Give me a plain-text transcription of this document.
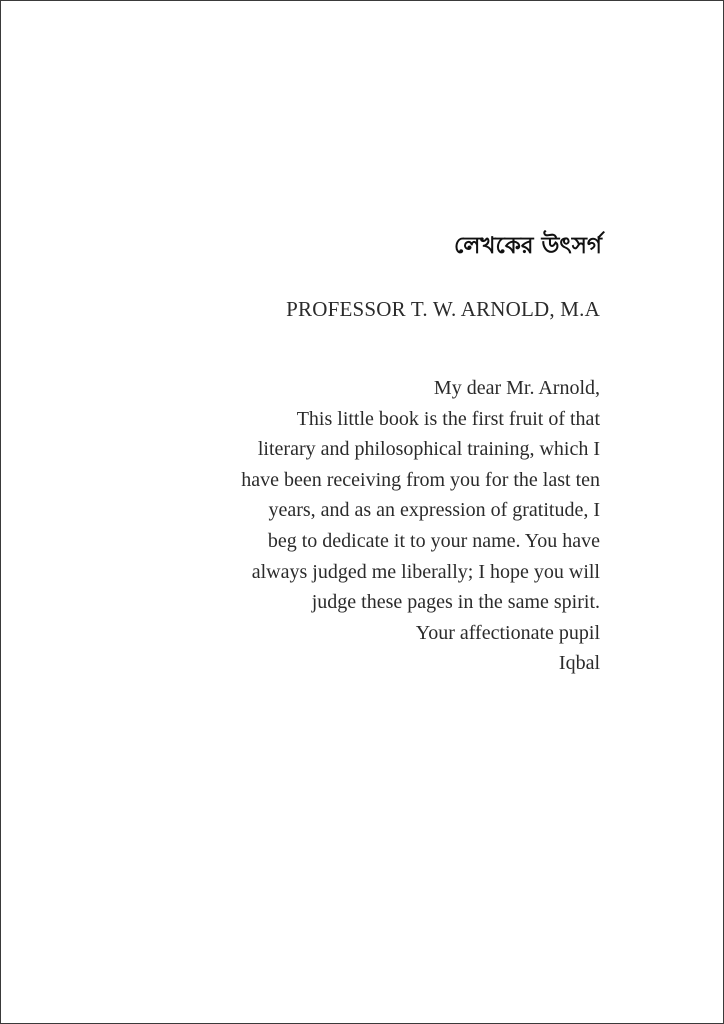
লেখকের উৎসর্গ

PROFESSOR T. W. ARNOLD, M.A

My dear Mr. Arnold,
This little book is the first fruit of that
literary and philosophical training, which I
have been receiving from you for the last ten
years, and as an expression of gratitude, I
beg to dedicate it to your name. You have
always judged me liberally; I hope you will
judge these pages in the same spirit.
Your affectionate pupil
Iqbal
